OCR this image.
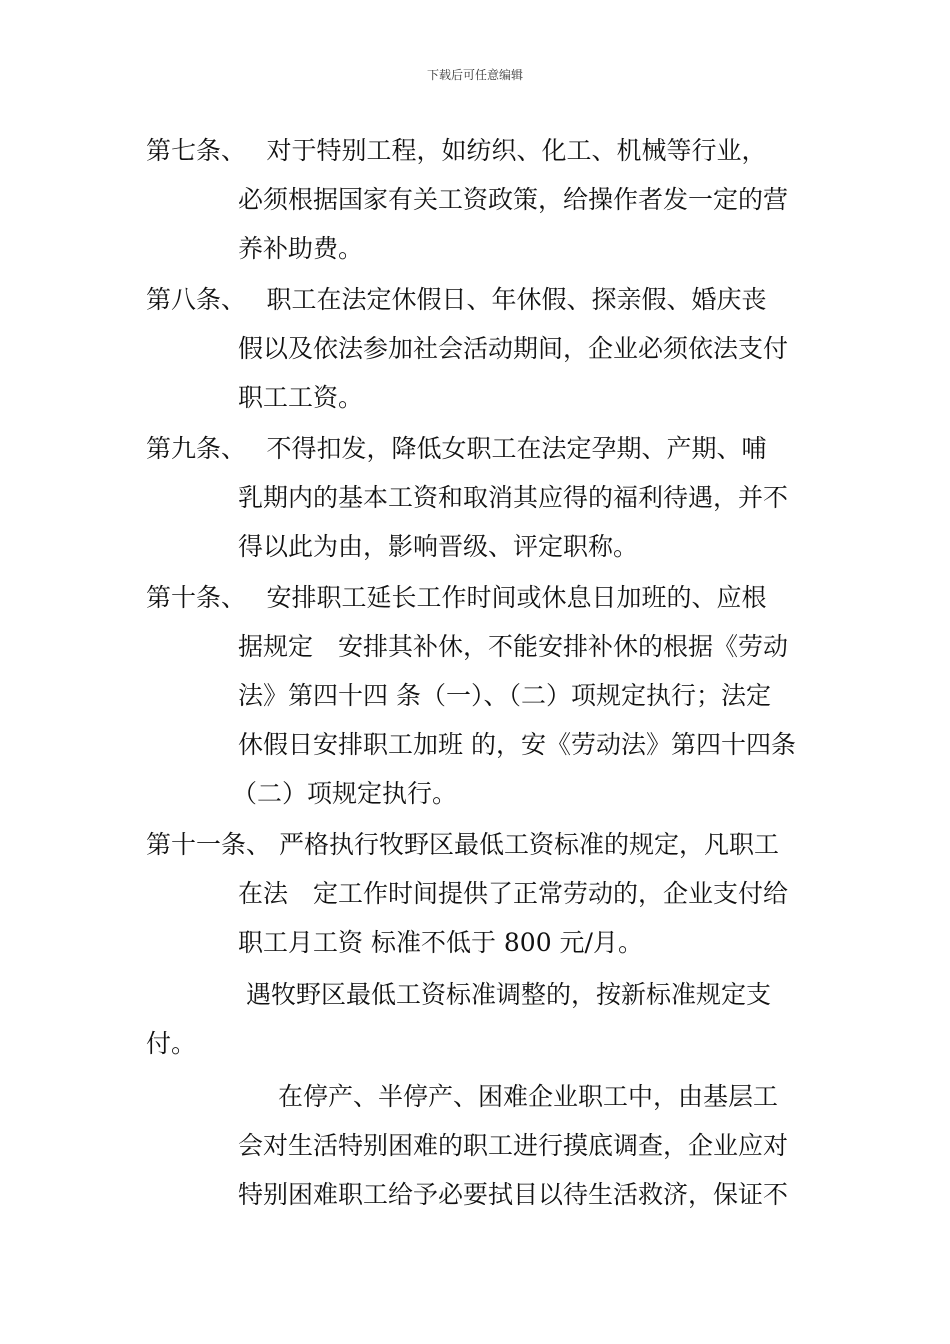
下载后可任意编辑
第七条、　 对于特别工程，如纺织、化工、机械等行业，
必须根据国家有关工资政策，给操作者发一定的营
养补助费。
第八条、　 职工在法定休假日、年休假、探亲假、婚庆丧
假以及依法参加社会活动期间，企业必须依法支付
职工工资。
第九条、　 不得扣发，降低女职工在法定孕期、产期、哺
乳期内的基本工资和取消其应得的福利待遇，并不
得以此为由，影响晋级、评定职称。
第十条、　 安排职工延长工作时间或休息日加班的、应根
据规定　安排其补休，不能安排补休的根据《劳动
法》第四十四 条（一）、（二）项规定执行；法定
休假日安排职工加班 的，安《劳动法》第四十四条
（二）项规定执行。
第十一条、 严格执行牧野区最低工资标准的规定，凡职工
在法　定工作时间提供了正常劳动的，企业支付给
职工月工资 标准不低于 800 元/月。
遇牧野区最低工资标准调整的，按新标准规定支
付。
在停产、半停产、困难企业职工中，由基层工
会对生活特别困难的职工进行摸底调查，企业应对
特别困难职工给予必要拭目以待生活救济，保证不
